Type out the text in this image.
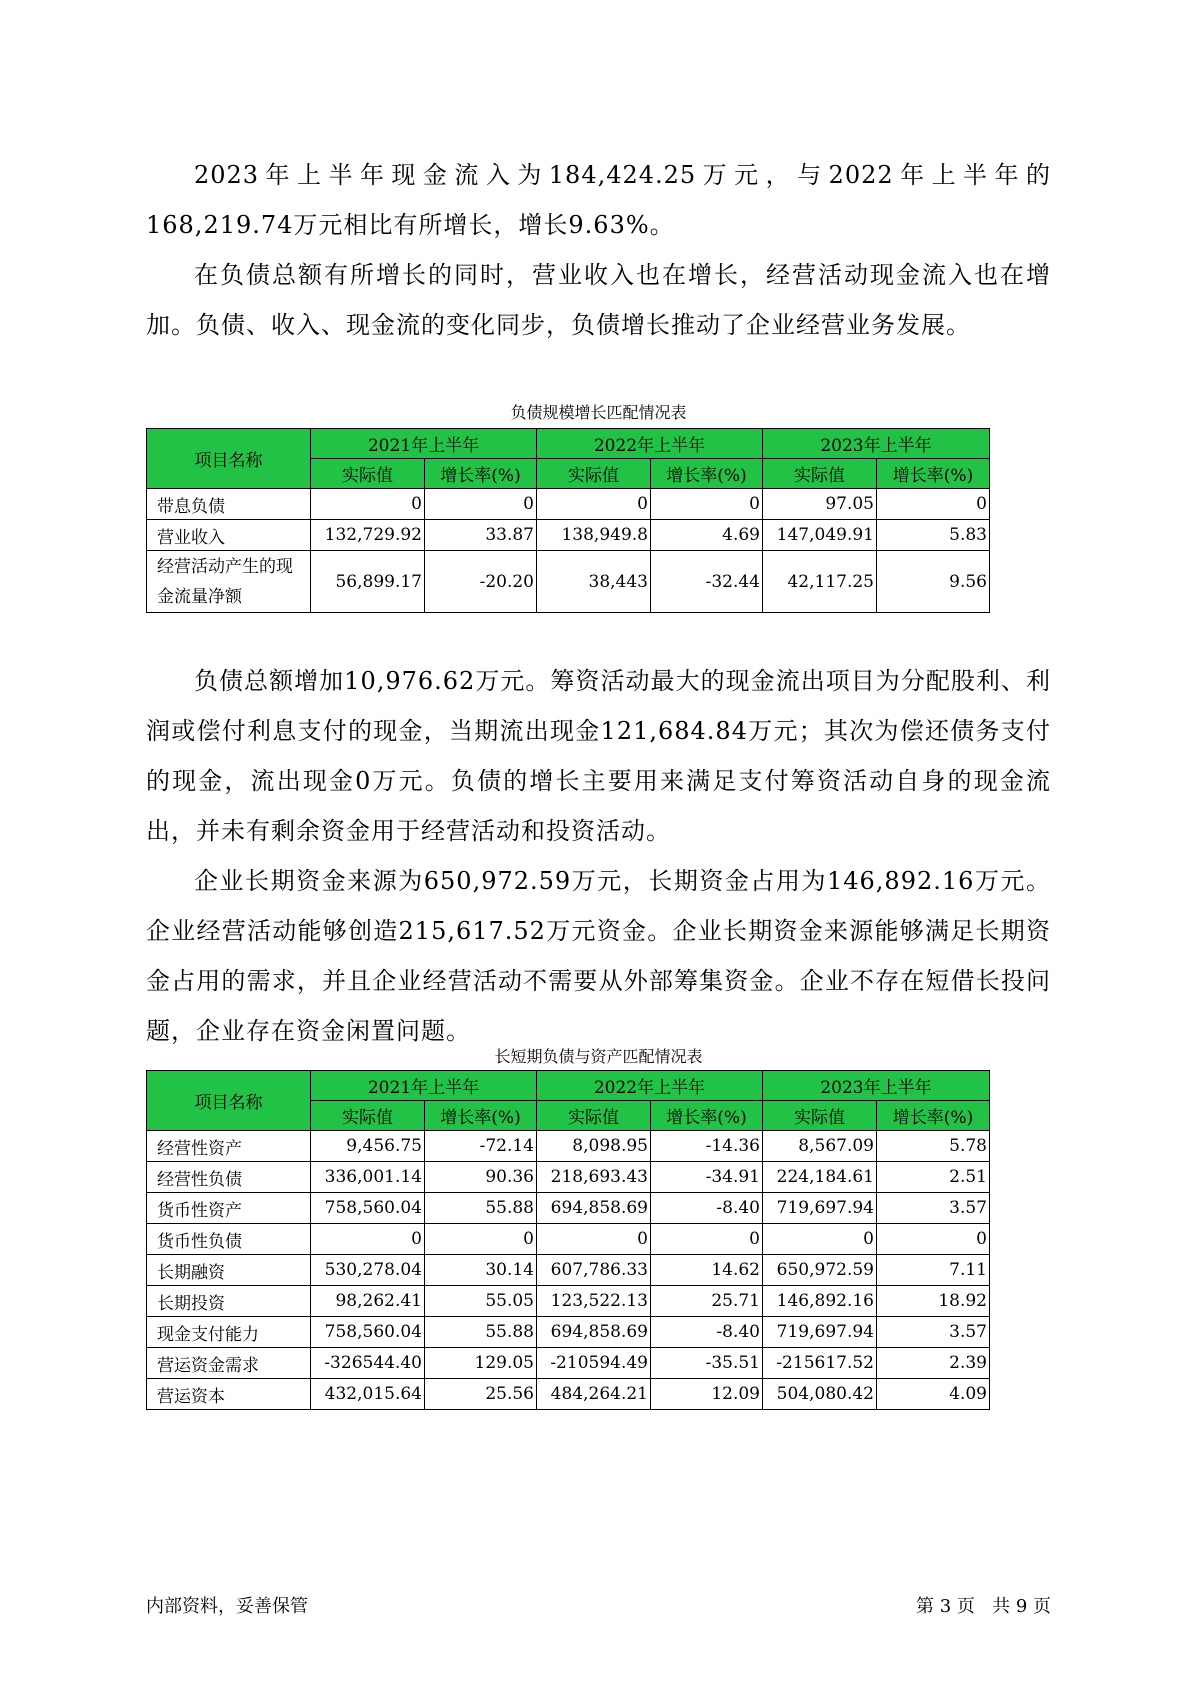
2023年上半年现金流入为184,424.25万元，与2022年上半年的168,219.74万元相比有所增长，增长9.63%。

在负债总额有所增长的同时，营业收入也在增长，经营活动现金流入也在增加。负债、收入、现金流的变化同步，负债增长推动了企业经营业务发展。

负债规模增长匹配情况表

项目名称	2021年上半年		2022年上半年		2023年上半年	
	实际值	增长率(%)	实际值	增长率(%)	实际值	增长率(%)
带息负债	0	0	0	0	97.05	0
营业收入	132,729.92	33.87	138,949.8	4.69	147,049.91	5.83
经营活动产生的现金流量净额	56,899.17	-20.20	38,443	-32.44	42,117.25	9.56

负债总额增加10,976.62万元。筹资活动最大的现金流出项目为分配股利、利润或偿付利息支付的现金，当期流出现金121,684.84万元；其次为偿还债务支付的现金，流出现金0万元。负债的增长主要用来满足支付筹资活动自身的现金流出，并未有剩余资金用于经营活动和投资活动。

企业长期资金来源为650,972.59万元，长期资金占用为146,892.16万元。企业经营活动能够创造215,617.52万元资金。企业长期资金来源能够满足长期资金占用的需求，并且企业经营活动不需要从外部筹集资金。企业不存在短借长投问题，企业存在资金闲置问题。

长短期负债与资产匹配情况表

项目名称	2021年上半年		2022年上半年		2023年上半年	
	实际值	增长率(%)	实际值	增长率(%)	实际值	增长率(%)
经营性资产	9,456.75	-72.14	8,098.95	-14.36	8,567.09	5.78
经营性负债	336,001.14	90.36	218,693.43	-34.91	224,184.61	2.51
货币性资产	758,560.04	55.88	694,858.69	-8.40	719,697.94	3.57
货币性负债	0	0	0	0	0	0
长期融资	530,278.04	30.14	607,786.33	14.62	650,972.59	7.11
长期投资	98,262.41	55.05	123,522.13	25.71	146,892.16	18.92
现金支付能力	758,560.04	55.88	694,858.69	-8.40	719,697.94	3.57
营运资金需求	-326544.40	129.05	-210594.49	-35.51	-215617.52	2.39
营运资本	432,015.64	25.56	484,264.21	12.09	504,080.42	4.09

内部资料，妥善保管	第 3 页   共 9 页
